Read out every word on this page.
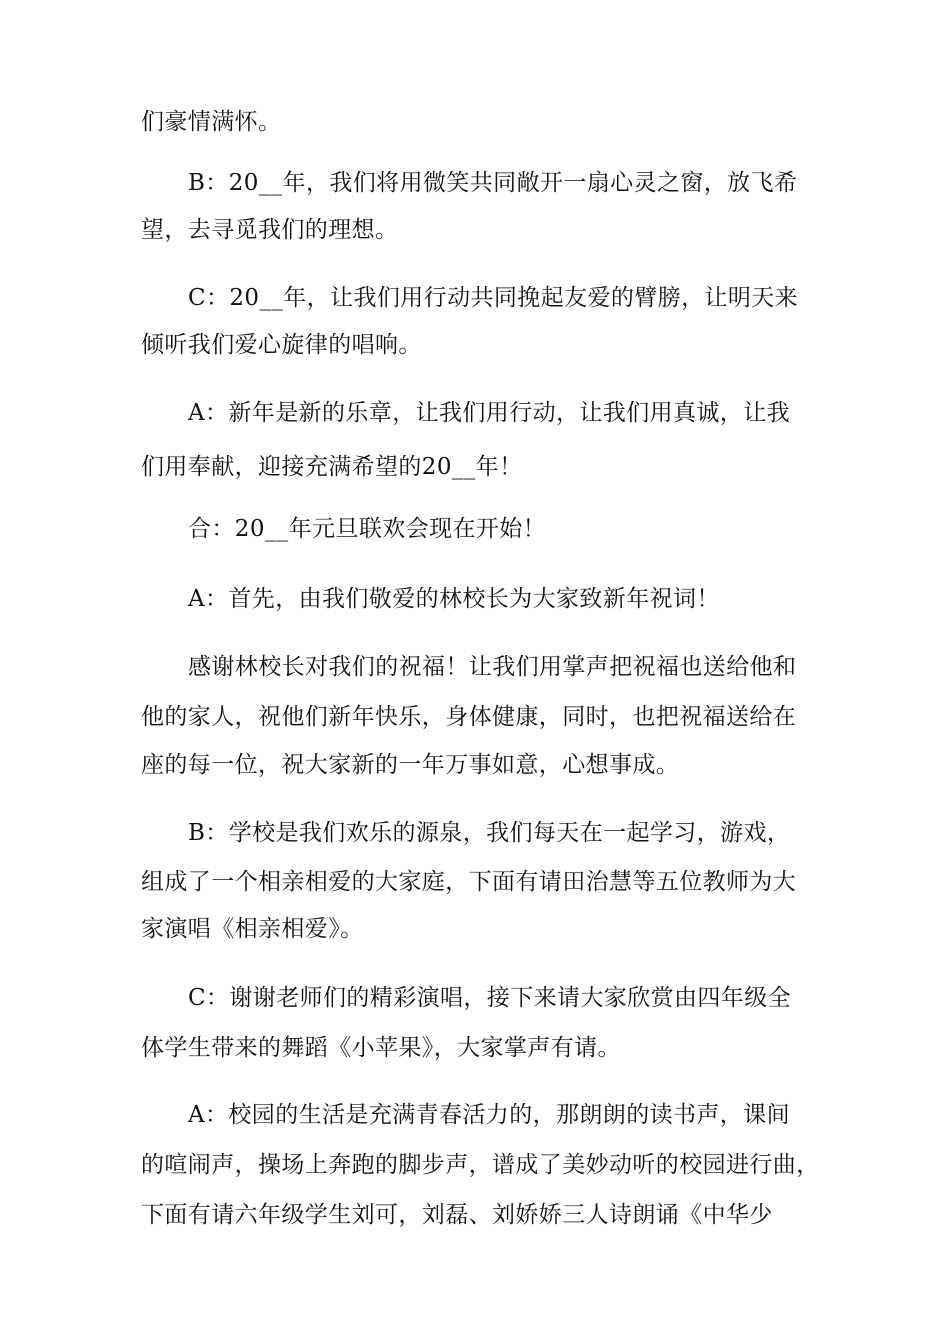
们豪情满怀。

B：20__年，我们将用微笑共同敞开一扇心灵之窗，放飞希

望，去寻觅我们的理想。

C：20__年，让我们用行动共同挽起友爱的臂膀，让明天来

倾听我们爱心旋律的唱响。

A：新年是新的乐章，让我们用行动，让我们用真诚，让我

们用奉献，迎接充满希望的20__年！

合：20__年元旦联欢会现在开始！

A：首先，由我们敬爱的林校长为大家致新年祝词！

感谢林校长对我们的祝福！让我们用掌声把祝福也送给他和

他的家人，祝他们新年快乐，身体健康，同时，也把祝福送给在

座的每一位，祝大家新的一年万事如意，心想事成。

B：学校是我们欢乐的源泉，我们每天在一起学习，游戏，

组成了一个相亲相爱的大家庭，下面有请田治慧等五位教师为大

家演唱《相亲相爱》。

C：谢谢老师们的精彩演唱，接下来请大家欣赏由四年级全

体学生带来的舞蹈《小苹果》，大家掌声有请。

A：校园的生活是充满青春活力的，那朗朗的读书声，课间

的喧闹声，操场上奔跑的脚步声，谱成了美妙动听的校园进行曲，

下面有请六年级学生刘可，刘磊、刘娇娇三人诗朗诵《中华少
